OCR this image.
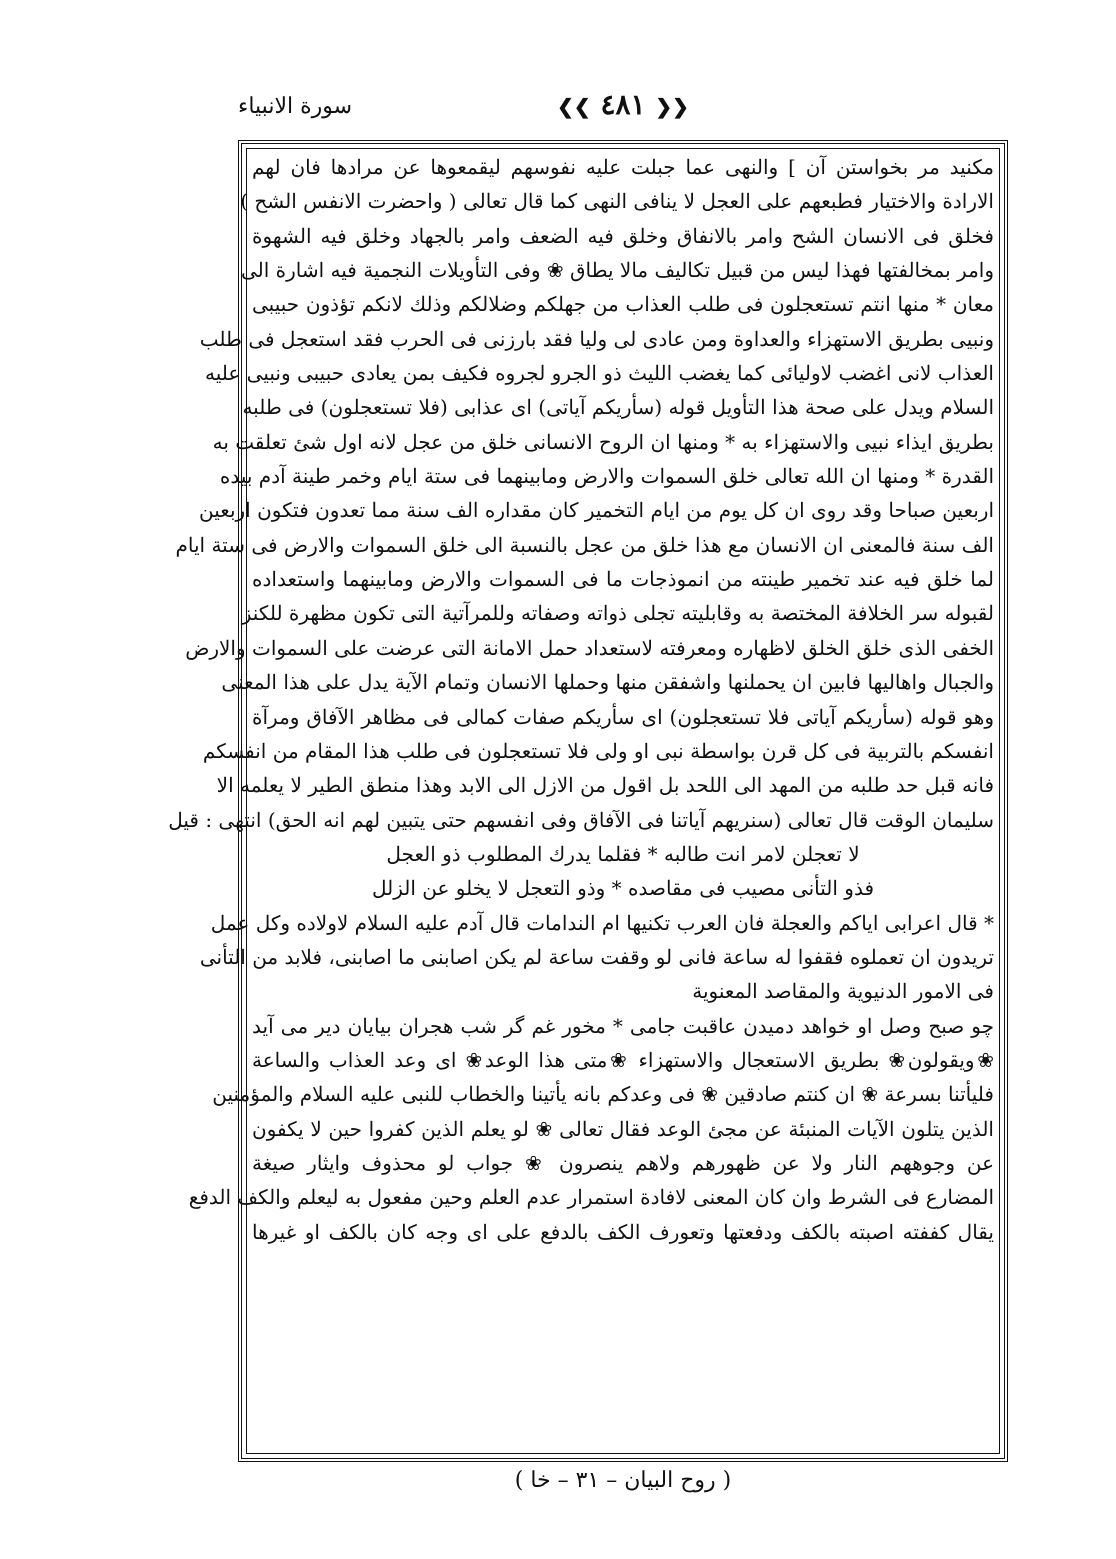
سورة الانبياء	❮❮ ٤٨١ ❯❯
مكنيد مر بخواستن آن ] والنهى عما جبلت عليه نفوسهم ليقمعوها عن مرادها فان لهم
الارادة والاختيار فطبعهم على العجل لا ينافى النهى كما قال تعالى ( واحضرت الانفس الشح )
فخلق فى الانسان الشح وامر بالانفاق وخلق فيه الضعف وامر بالجهاد وخلق فيه الشهوة
وامر بمخالفتها فهذا ليس من قبيل تكاليف مالا يطاق ❀ وفى التأويلات النجمية فيه اشارة الى
معان * منها انتم تستعجلون فى طلب العذاب من جهلكم وضلالكم وذلك لانكم تؤذون حبيبى
ونبيى بطريق الاستهزاء والعداوة ومن عادى لى وليا فقد بارزنى فى الحرب فقد استعجل فى طلب
العذاب لانى اغضب لاوليائى كما يغضب الليث ذو الجرو لجروه فكيف بمن يعادى حبيبى ونبيى عليه
السلام ويدل على صحة هذا التأويل قوله (سأريكم آياتى) اى عذابى (فلا تستعجلون) فى طلبه
بطريق ايذاء نبيى والاستهزاء به * ومنها ان الروح الانسانى خلق من عجل لانه اول شئ تعلقت به
القدرة * ومنها ان الله تعالى خلق السموات والارض ومابينهما فى ستة ايام وخمر طينة آدم بيده
اربعين صباحا وقد روى ان كل يوم من ايام التخمير كان مقداره الف سنة مما تعدون فتكون اربعين
الف سنة فالمعنى ان الانسان مع هذا خلق من عجل بالنسبة الى خلق السموات والارض فى ستة ايام
لما خلق فيه عند تخمير طينته من انموذجات ما فى السموات والارض ومابينهما واستعداده
لقبوله سر الخلافة المختصة به وقابليته تجلى ذواته وصفاته وللمرآتية التى تكون مظهرة للكنز
الخفى الذى خلق الخلق لاظهاره ومعرفته لاستعداد حمل الامانة التى عرضت على السموات والارض
والجبال واهاليها فابين ان يحملنها واشفقن منها وحملها الانسان وتمام الآية يدل على هذا المعنى
وهو قوله (سأريكم آياتى فلا تستعجلون) اى سأريكم صفات كمالى فى مظاهر الآفاق ومرآة
انفسكم بالتربية فى كل قرن بواسطة نبى او ولى فلا تستعجلون فى طلب هذا المقام من انفسكم
فانه قبل حد طلبه من المهد الى اللحد بل اقول من الازل الى الابد وهذا منطق الطير لا يعلمه الا
سليمان الوقت قال تعالى (سنريهم آياتنا فى الآفاق وفى انفسهم حتى يتبين لهم انه الحق) انتهى : قيل
لا تعجلن لامر انت طالبه * فقلما يدرك المطلوب ذو العجل
فذو التأنى مصيب فى مقاصده * وذو التعجل لا يخلو عن الزلل
* قال اعرابى اياكم والعجلة فان العرب تكنيها ام الندامات قال آدم عليه السلام لاولاده وكل عمل
تريدون ان تعملوه فقفوا له ساعة فانى لو وقفت ساعة لم يكن اصابنى ما اصابنى، فلابد من التأنى
فى الامور الدنيوية والمقاصد المعنوية
چو صبح وصل او خواهد دميدن عاقبت جامى * مخور غم گر شب هجران بيايان دير مى آيد
❀ويقولون❀ بطريق الاستعجال والاستهزاء ❀متى هذا الوعد❀ اى وعد العذاب والساعة
فليأتنا بسرعة ❀ ان كنتم صادقين ❀ فى وعدكم بانه يأتينا والخطاب للنبى عليه السلام والمؤمنين
الذين يتلون الآيات المنبئة عن مجئ الوعد فقال تعالى ❀ لو يعلم الذين كفروا حين لا يكفون
عن وجوههم النار ولا عن ظهورهم ولاهم ينصرون ❀ جواب لو محذوف وايثار صيغة
المضارع فى الشرط وان كان المعنى لافادة استمرار عدم العلم وحين مفعول به ليعلم والكف الدفع
يقال كففته اصبته بالكف ودفعتها وتعورف الكف بالدفع على اى وجه كان بالكف او غيرها
( روح البيان – ٣١ – خا )
